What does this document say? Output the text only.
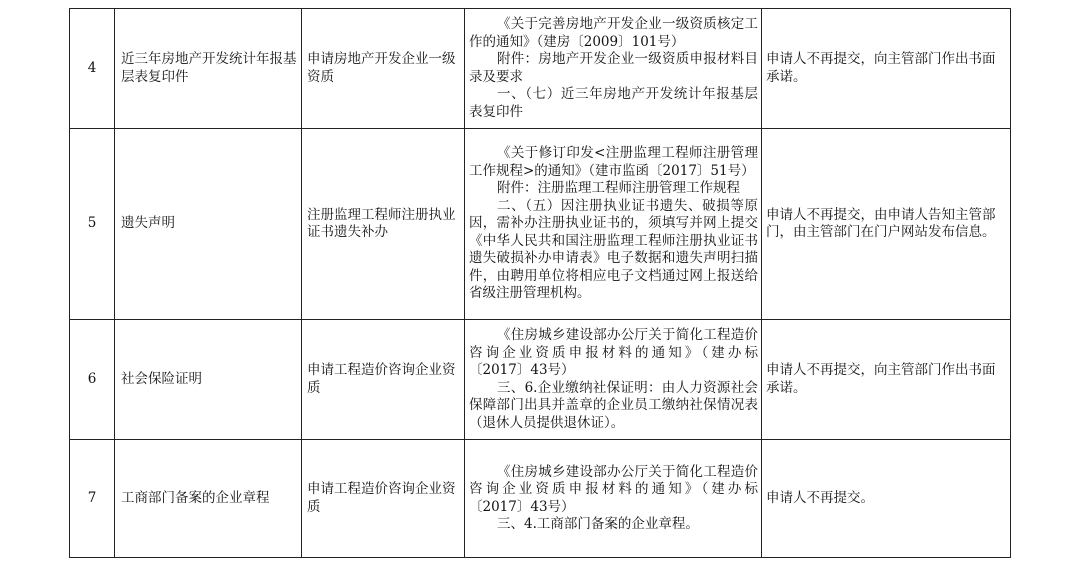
4	近三年房地产开发统计年报基层表复印件	申请房地产开发企业一级资质	《关于完善房地产开发企业一级资质核定工作的通知》（建房〔2009〕101号）
附件：房地产开发企业一级资质申报材料目录及要求
一、（七）近三年房地产开发统计年报基层表复印件	申请人不再提交，向主管部门作出书面承诺。

5	遗失声明	注册监理工程师注册执业证书遗失补办	《关于修订印发<注册监理工程师注册管理工作规程>的通知》（建市监函〔2017〕51号）
附件：注册监理工程师注册管理工作规程
二、（五）因注册执业证书遗失、破损等原因，需补办注册执业证书的，须填写并网上提交《中华人民共和国注册监理工程师注册执业证书遗失破损补办申请表》电子数据和遗失声明扫描件，由聘用单位将相应电子文档通过网上报送给省级注册管理机构。	申请人不再提交，由申请人告知主管部门，由主管部门在门户网站发布信息。

6	社会保险证明	申请工程造价咨询企业资质	《住房城乡建设部办公厅关于简化工程造价咨询企业资质申报材料的通知》（建办标〔2017〕43号）
三、6.企业缴纳社保证明：由人力资源社会保障部门出具并盖章的企业员工缴纳社保情况表（退休人员提供退休证）。	申请人不再提交，向主管部门作出书面承诺。

7	工商部门备案的企业章程	申请工程造价咨询企业资质	《住房城乡建设部办公厅关于简化工程造价咨询企业资质申报材料的通知》（建办标〔2017〕43号）
三、4.工商部门备案的企业章程。	申请人不再提交。
